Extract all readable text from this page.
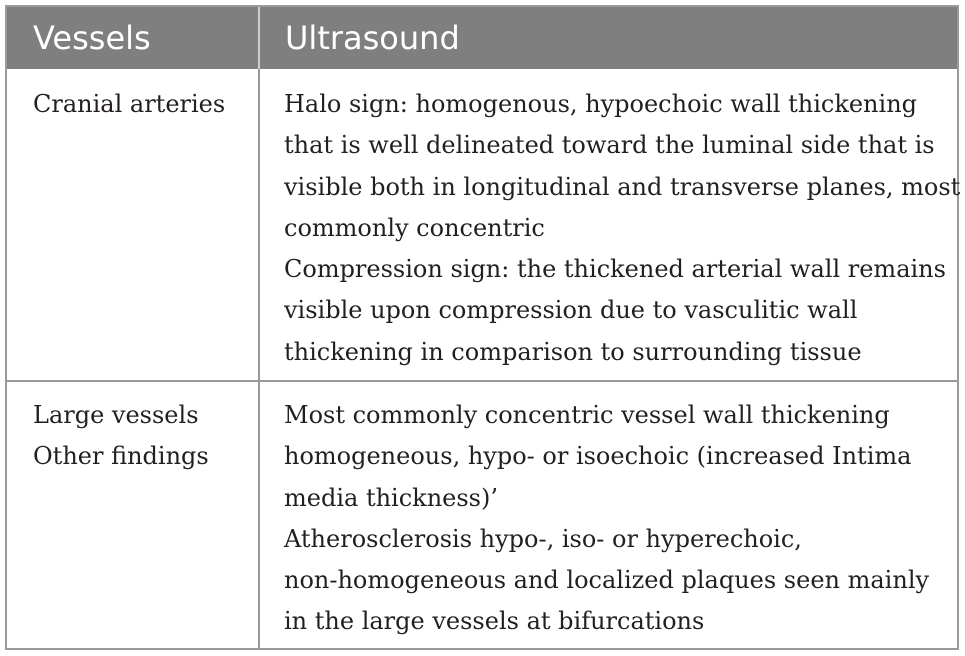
Vessels	Ultrasound
Cranial arteries Halo sign: homogenous, hypoechoic wall thickening
that is well delineated toward the luminal side that is
visible both in longitudinal and transverse planes, most
commonly concentric
Compression sign: the thickened arterial wall remains
visible upon compression due to vasculitic wall
thickening in comparison to surrounding tissue
Large vessels
Other findings
Most commonly concentric vessel wall thickening
homogeneous, hypo- or isoechoic (increased Intima
media thickness)’
Atherosclerosis hypo-, iso- or hyperechoic,
non-homogeneous and localized plaques seen mainly
in the large vessels at bifurcations
